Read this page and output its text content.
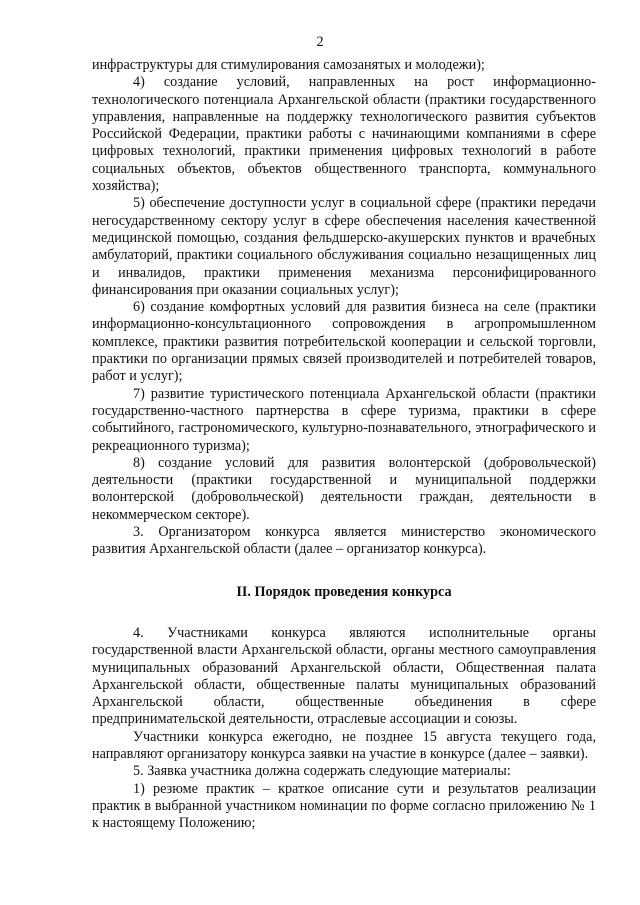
2

инфраструктуры для стимулирования самозанятых и молодежи);

4) создание условий, направленных на рост информационно-технологического потенциала Архангельской области (практики государственного управления, направленные на поддержку технологического развития субъектов Российской Федерации, практики работы с начинающими компаниями в сфере цифровых технологий, практики применения цифровых технологий в работе социальных объектов, объектов общественного транспорта, коммунального хозяйства);

5) обеспечение доступности услуг в социальной сфере (практики передачи негосударственному сектору услуг в сфере обеспечения населения качественной медицинской помощью, создания фельдшерско-акушерских пунктов и врачебных амбулаторий, практики социального обслуживания социально незащищенных лиц и инвалидов, практики применения механизма персонифицированного финансирования при оказании социальных услуг);

6) создание комфортных условий для развития бизнеса на селе (практики информационно-консультационного сопровождения в агропромышленном комплексе, практики развития потребительской кооперации и сельской торговли, практики по организации прямых связей производителей и потребителей товаров, работ и услуг);

7) развитие туристического потенциала Архангельской области (практики государственно-частного партнерства в сфере туризма, практики в сфере событийного, гастрономического, культурно-познавательного, этнографического и рекреационного туризма);

8) создание условий для развития волонтерской (добровольческой) деятельности (практики государственной и муниципальной поддержки волонтерской (добровольческой) деятельности граждан, деятельности в некоммерческом секторе).

3. Организатором конкурса является министерство экономического развития Архангельской области (далее – организатор конкурса).

II. Порядок проведения конкурса

4. Участниками конкурса являются исполнительные органы государственной власти Архангельской области, органы местного самоуправления муниципальных образований Архангельской области, Общественная палата Архангельской области, общественные палаты муниципальных образований Архангельской области, общественные объединения в сфере предпринимательской деятельности, отраслевые ассоциации и союзы.

Участники конкурса ежегодно, не позднее 15 августа текущего года, направляют организатору конкурса заявки на участие в конкурсе (далее – заявки).

5. Заявка участника должна содержать следующие материалы:

1) резюме практик – краткое описание сути и результатов реализации практик в выбранной участником номинации по форме согласно приложению № 1 к настоящему Положению;
